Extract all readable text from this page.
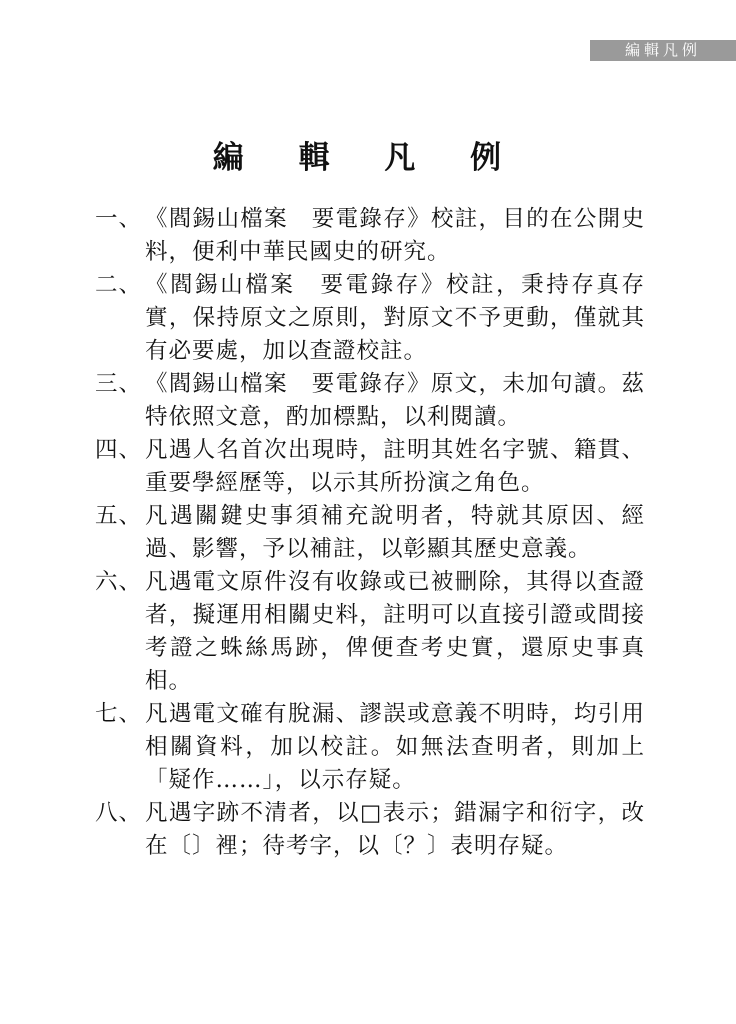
編輯凡例
編 輯 凡 例
一、 《閻錫山檔案　要電錄存》校註，目的在公開史料，便利中華民國史的研究。
二、 《閻錫山檔案　要電錄存》校註，秉持存真存實，保持原文之原則，對原文不予更動，僅就其有必要處，加以查證校註。
三、 《閻錫山檔案　要電錄存》原文，未加句讀。茲特依照文意，酌加標點，以利閱讀。
四、 凡遇人名首次出現時，註明其姓名字號、籍貫、重要學經歷等，以示其所扮演之角色。
五、 凡遇關鍵史事須補充說明者，特就其原因、經過、影響，予以補註，以彰顯其歷史意義。
六、 凡遇電文原件沒有收錄或已被刪除，其得以查證者，擬運用相關史料，註明可以直接引證或間接考證之蛛絲馬跡，俾便查考史實，還原史事真相。
七、 凡遇電文確有脫漏、謬誤或意義不明時，均引用相關資料，加以校註。如無法查明者，則加上「疑作……」，以示存疑。
八、 凡遇字跡不清者，以□表示；錯漏字和衍字，改在〔〕裡；待考字，以〔？〕表明存疑。
